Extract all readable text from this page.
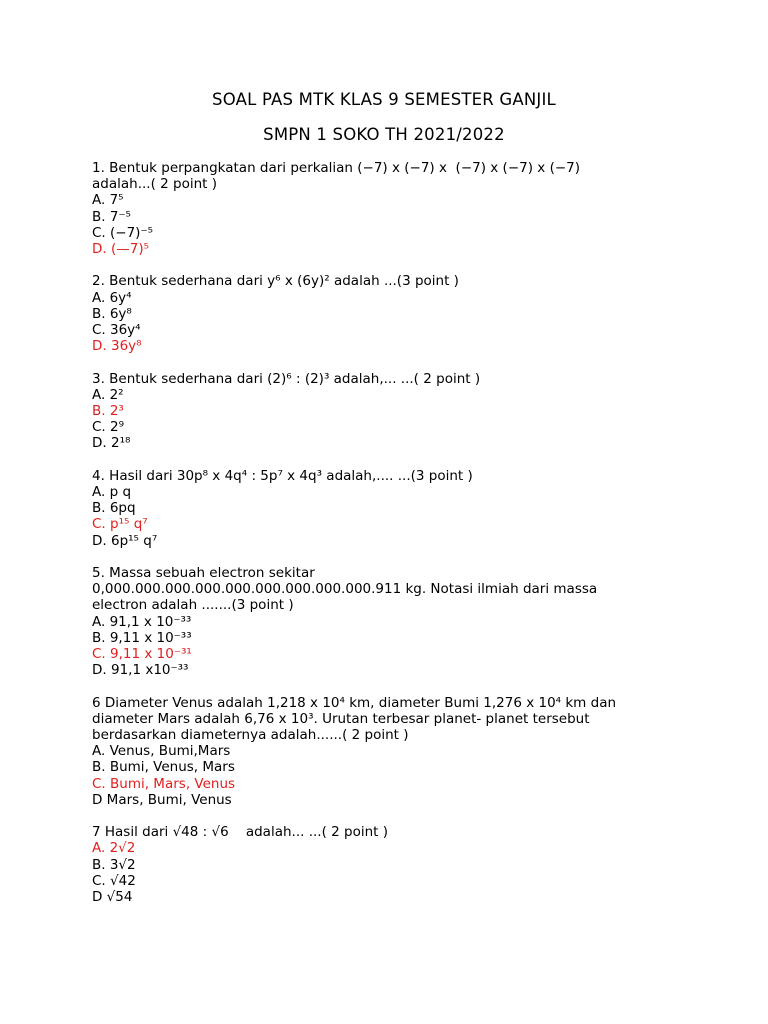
SOAL PAS MTK KLAS 9 SEMESTER GANJIL
SMPN 1 SOKO TH 2021/2022

1. Bentuk perpangkatan dari perkalian (−7) x (−7) x  (−7) x (−7) x (−7)

adalah...( 2 point )

A. 7⁵
B. 7⁻⁵
C. (−7)⁻⁵
D. (—7)⁵

2. Bentuk sederhana dari y⁶ x (6y)² adalah ...(3 point )

A. 6y⁴
B. 6y⁸
C. 36y⁴
D. 36y⁸

3. Bentuk sederhana dari (2)⁶ : (2)³ adalah,... ...( 2 point )

A. 2²
B. 2³
C. 2⁹
D. 2¹⁸

4. Hasil dari 30p⁸ x 4q⁴ : 5p⁷ x 4q³ adalah,.... ...(3 point )

A. p q
B. 6pq
C. p¹⁵ q⁷
D. 6p¹⁵ q⁷

5. Massa sebuah electron sekitar

0,000.000.000.000.000.000.000.000.000.911 kg. Notasi ilmiah dari massa

electron adalah .......(3 point )

A. 91,1 x 10⁻³³
B. 9,11 x 10⁻³³
C. 9,11 x 10⁻³¹
D. 91,1 x10⁻³³

6 Diameter Venus adalah 1,218 x 10⁴ km, diameter Bumi 1,276 x 10⁴ km dan

diameter Mars adalah 6,76 x 10³. Urutan terbesar planet- planet tersebut

berdasarkan diameternya adalah......( 2 point )

A. Venus, Bumi,Mars
B. Bumi, Venus, Mars
C. Bumi, Mars, Venus
D Mars, Bumi, Venus

7 Hasil dari √48 : √6    adalah... ...( 2 point )

A. 2√2
B. 3√2
C. √42
D √54
